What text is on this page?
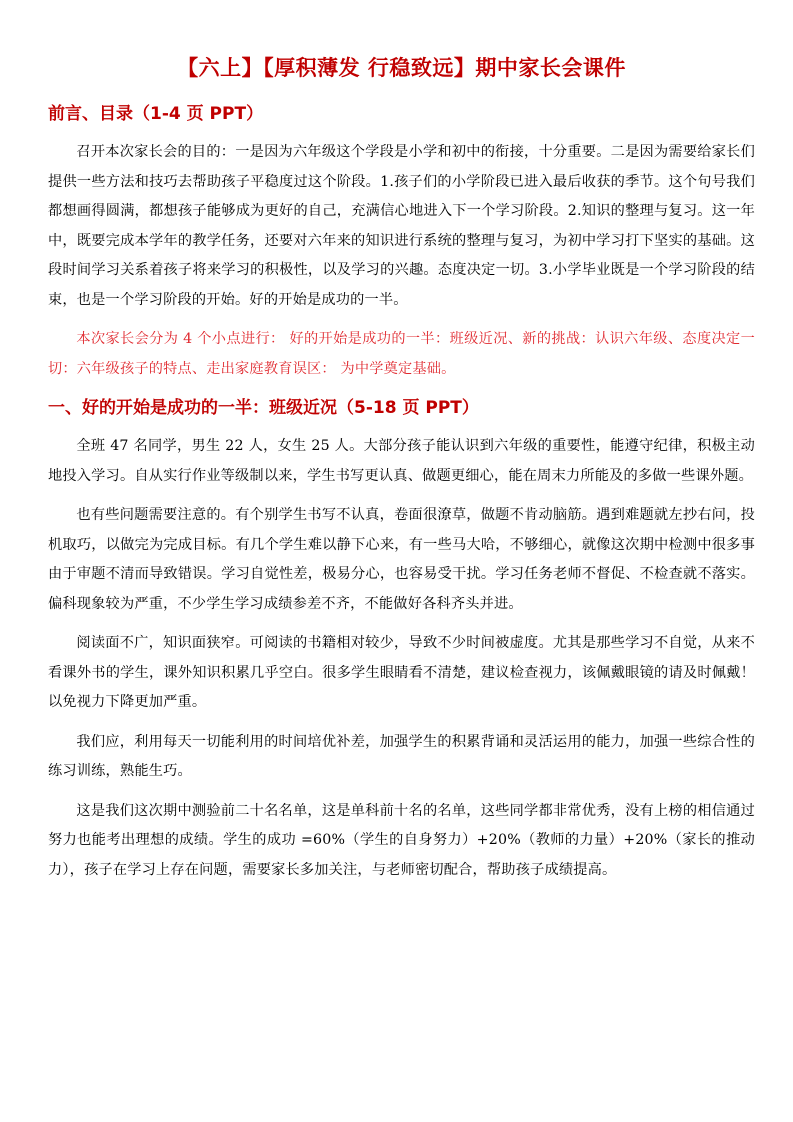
【六上】【厚积薄发 行稳致远】期中家长会课件
前言、目录（1-4 页 PPT）

召开本次家长会的目的：一是因为六年级这个学段是小学和初中的衔接，十分重要。二是因为需要给家长们提供一些方法和技巧去帮助孩子平稳度过这个阶段。1.孩子们的小学阶段已进入最后收获的季节。这个句号我们都想画得圆满，都想孩子能够成为更好的自己，充满信心地进入下一个学习阶段。2.知识的整理与复习。这一年中，既要完成本学年的教学任务，还要对六年来的知识进行系统的整理与复习，为初中学习打下坚实的基础。这段时间学习关系着孩子将来学习的积极性，以及学习的兴趣。态度决定一切。3.小学毕业既是一个学习阶段的结束，也是一个学习阶段的开始。好的开始是成功的一半。

本次家长会分为 4 个小点进行： 好的开始是成功的一半：班级近况、新的挑战：认识六年级、态度决定一切：六年级孩子的特点、走出家庭教育误区： 为中学奠定基础。

一、好的开始是成功的一半：班级近况（5-18 页 PPT）

全班 47 名同学，男生 22 人，女生 25 人。大部分孩子能认识到六年级的重要性，能遵守纪律，积极主动地投入学习。自从实行作业等级制以来，学生书写更认真、做题更细心，能在周末力所能及的多做一些课外题。

也有些问题需要注意的。有个别学生书写不认真，卷面很潦草，做题不肯动脑筋。遇到难题就左抄右问，投机取巧，以做完为完成目标。有几个学生难以静下心来，有一些马大哈，不够细心，就像这次期中检测中很多事由于审题不清而导致错误。学习自觉性差，极易分心，也容易受干扰。学习任务老师不督促、不检查就不落实。偏科现象较为严重，不少学生学习成绩参差不齐，不能做好各科齐头并进。

阅读面不广，知识面狭窄。可阅读的书籍相对较少，导致不少时间被虚度。尤其是那些学习不自觉，从来不看课外书的学生，课外知识积累几乎空白。很多学生眼睛看不清楚，建议检查视力，该佩戴眼镜的请及时佩戴！以免视力下降更加严重。

我们应，利用每天一切能利用的时间培优补差，加强学生的积累背诵和灵活运用的能力，加强一些综合性的练习训练，熟能生巧。

这是我们这次期中测验前二十名名单，这是单科前十名的名单，这些同学都非常优秀，没有上榜的相信通过努力也能考出理想的成绩。学生的成功 =60%（学生的自身努力）+20%（教师的力量）+20%（家长的推动力），孩子在学习上存在问题，需要家长多加关注，与老师密切配合，帮助孩子成绩提高。
